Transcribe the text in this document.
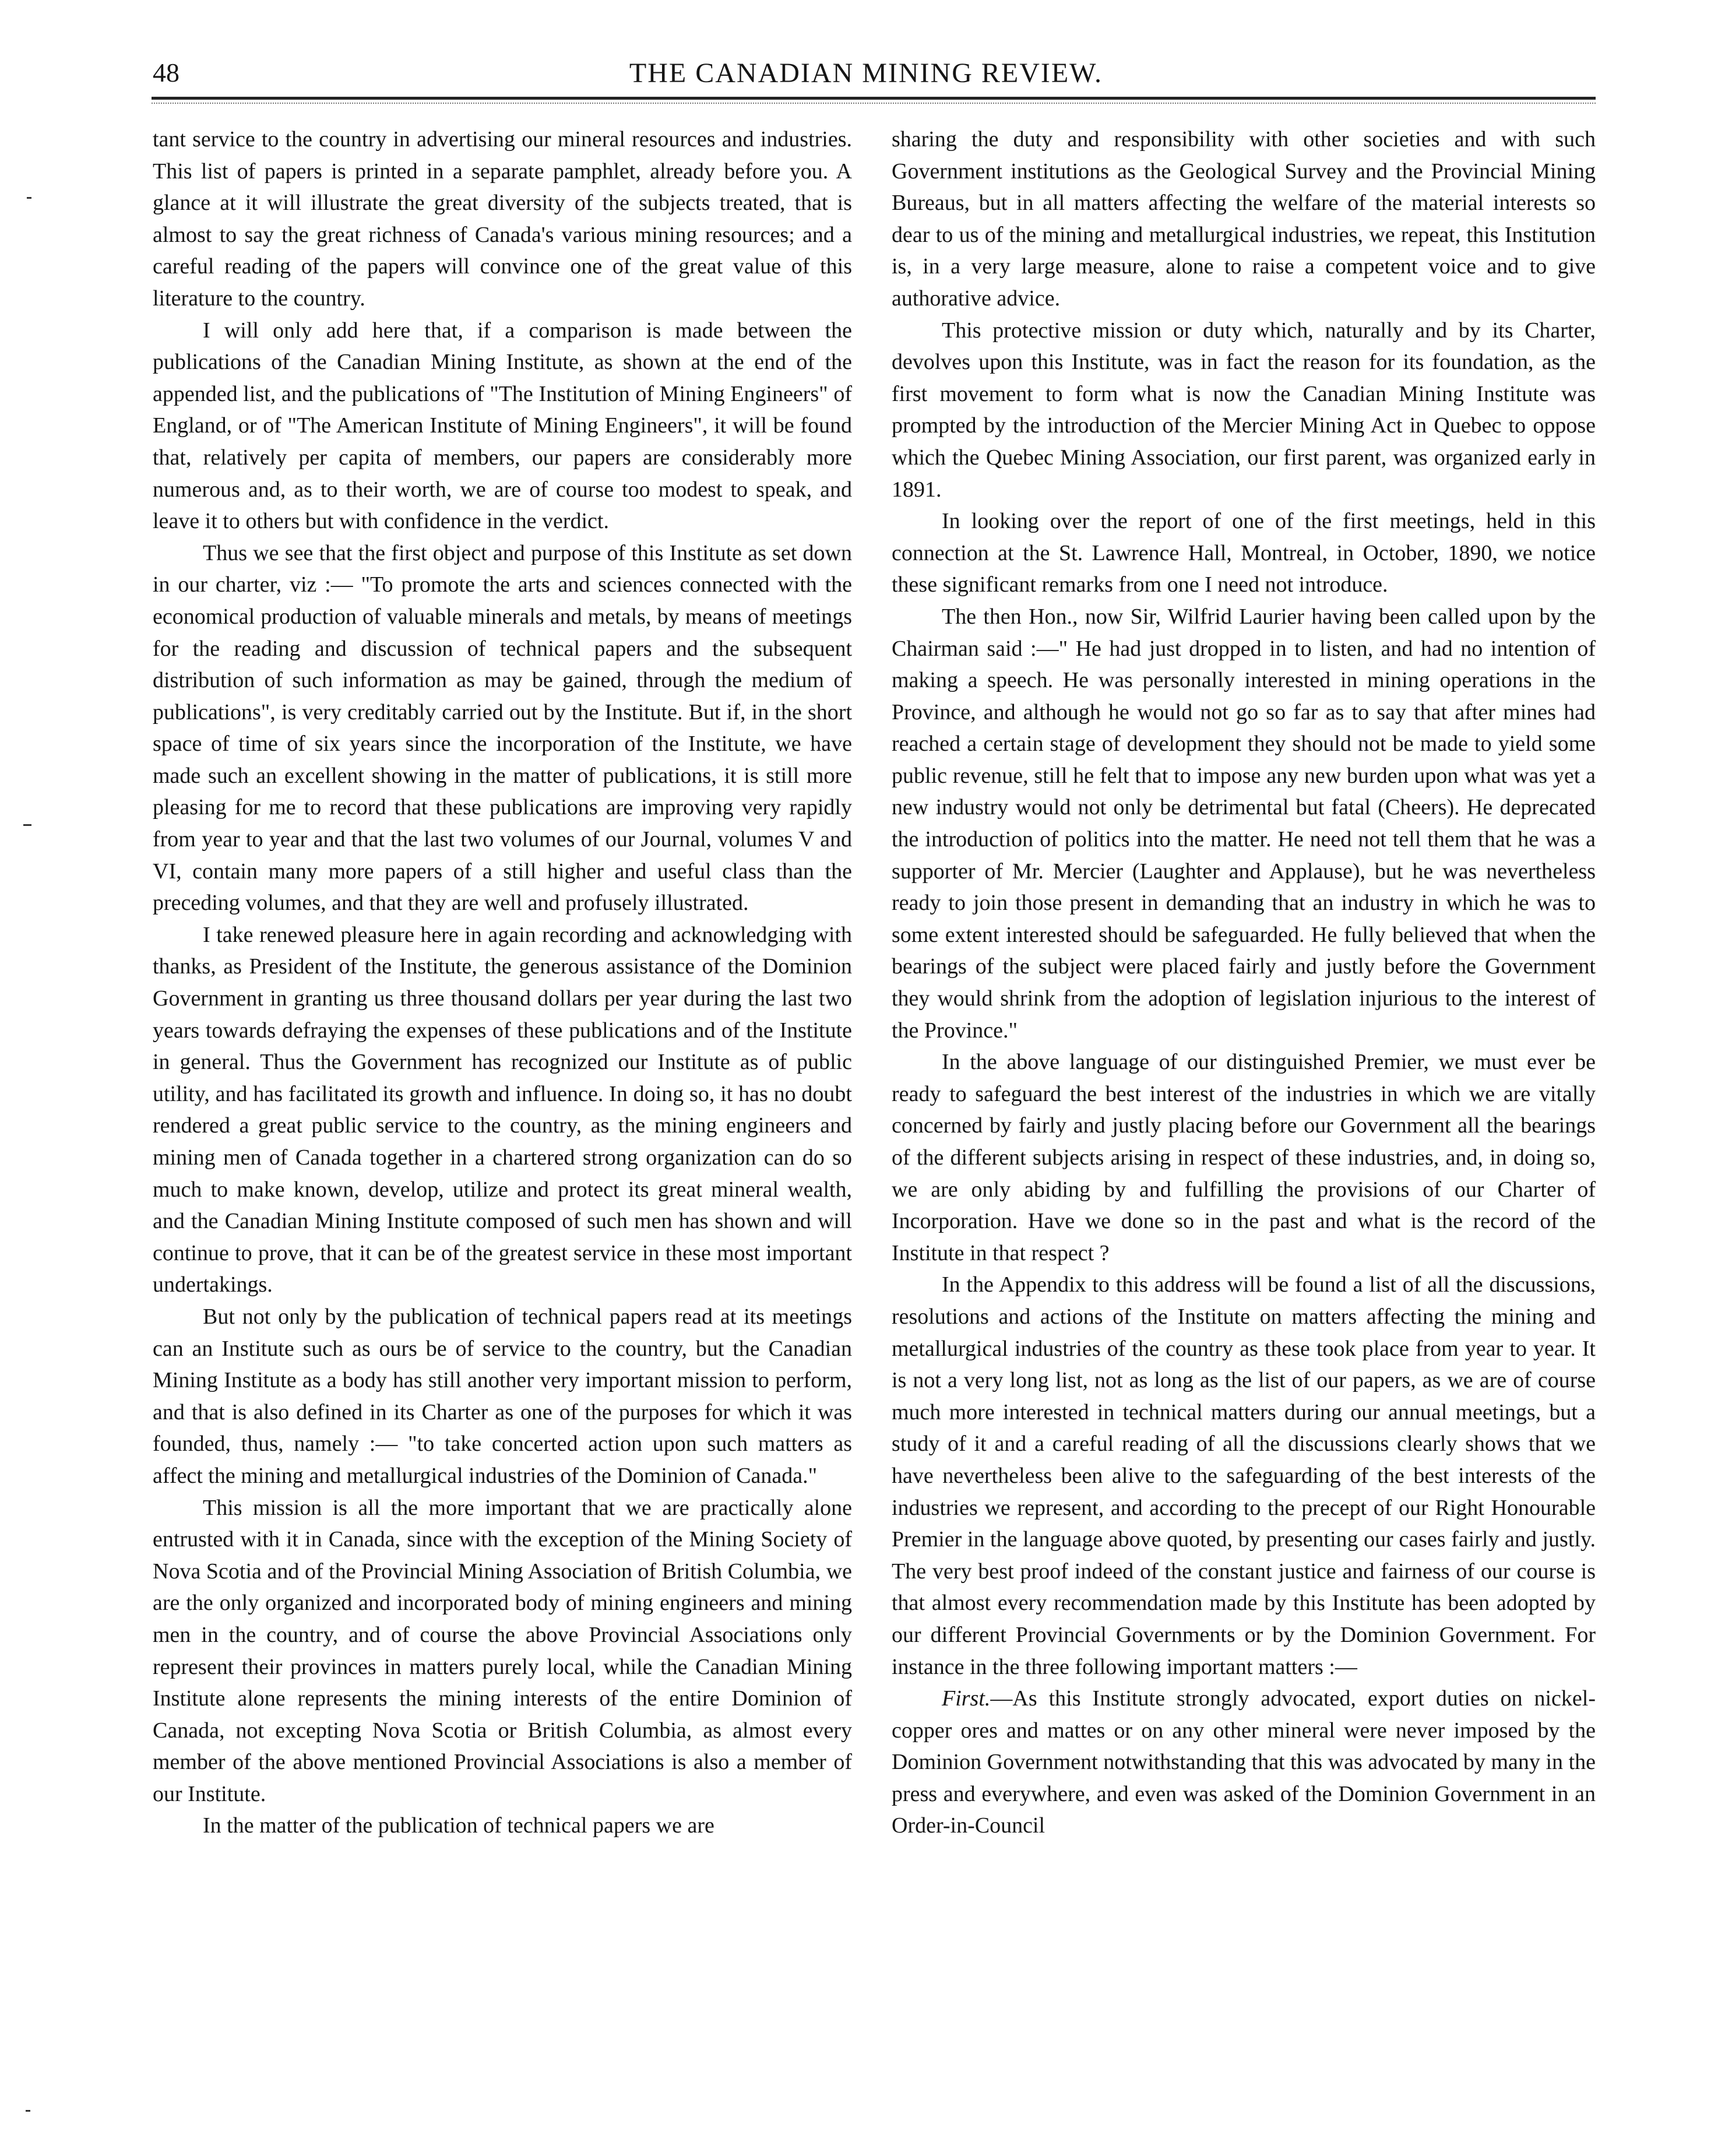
48	THE CANADIAN MINING REVIEW.

tant service to the country in advertising our mineral resources and industries. This list of papers is printed in a separate pamphlet, already before you. A glance at it will illustrate the great diversity of the subjects treated, that is almost to say the great richness of Canada's various mining resources; and a careful reading of the papers will convince one of the great value of this literature to the country.

I will only add here that, if a comparison is made between the publications of the Canadian Mining Institute, as shown at the end of the appended list, and the publications of "The Institution of Mining Engineers" of England, or of "The American Institute of Mining Engineers", it will be found that, relatively per capita of members, our papers are considerably more numerous and, as to their worth, we are of course too modest to speak, and leave it to others but with confidence in the verdict.

Thus we see that the first object and purpose of this Institute as set down in our charter, viz :— "To promote the arts and sciences connected with the economical production of valuable minerals and metals, by means of meetings for the reading and discussion of technical papers and the subsequent distribution of such information as may be gained, through the medium of publications", is very creditably carried out by the Institute. But if, in the short space of time of six years since the incorporation of the Institute, we have made such an excellent showing in the matter of publications, it is still more pleasing for me to record that these publications are improving very rapidly from year to year and that the last two volumes of our Journal, volumes V and VI, contain many more papers of a still higher and useful class than the preceding volumes, and that they are well and profusely illustrated.

I take renewed pleasure here in again recording and acknowledging with thanks, as President of the Institute, the generous assistance of the Dominion Government in granting us three thousand dollars per year during the last two years towards defraying the expenses of these publications and of the Institute in general. Thus the Government has recognized our Institute as of public utility, and has facilitated its growth and influence. In doing so, it has no doubt rendered a great public service to the country, as the mining engineers and mining men of Canada together in a chartered strong organization can do so much to make known, develop, utilize and protect its great mineral wealth, and the Canadian Mining Institute composed of such men has shown and will continue to prove, that it can be of the greatest service in these most important undertakings.

But not only by the publication of technical papers read at its meetings can an Institute such as ours be of service to the country, but the Canadian Mining Institute as a body has still another very important mission to perform, and that is also defined in its Charter as one of the purposes for which it was founded, thus, namely :— "to take concerted action upon such matters as affect the mining and metallurgical industries of the Dominion of Canada."

This mission is all the more important that we are practically alone entrusted with it in Canada, since with the exception of the Mining Society of Nova Scotia and of the Provincial Mining Association of British Columbia, we are the only organized and incorporated body of mining engineers and mining men in the country, and of course the above Provincial Associations only represent their provinces in matters purely local, while the Canadian Mining Institute alone represents the mining interests of the entire Dominion of Canada, not excepting Nova Scotia or British Columbia, as almost every member of the above mentioned Provincial Associations is also a member of our Institute.

In the matter of the publication of technical papers we are

sharing the duty and responsibility with other societies and with such Government institutions as the Geological Survey and the Provincial Mining Bureaus, but in all matters affecting the welfare of the material interests so dear to us of the mining and metallurgical industries, we repeat, this Institution is, in a very large measure, alone to raise a competent voice and to give authorative advice.

This protective mission or duty which, naturally and by its Charter, devolves upon this Institute, was in fact the reason for its foundation, as the first movement to form what is now the Canadian Mining Institute was prompted by the introduction of the Mercier Mining Act in Quebec to oppose which the Quebec Mining Association, our first parent, was organized early in 1891.

In looking over the report of one of the first meetings, held in this connection at the St. Lawrence Hall, Montreal, in October, 1890, we notice these significant remarks from one I need not introduce.

The then Hon., now Sir, Wilfrid Laurier having been called upon by the Chairman said :—" He had just dropped in to listen, and had no intention of making a speech. He was personally interested in mining operations in the Province, and although he would not go so far as to say that after mines had reached a certain stage of development they should not be made to yield some public revenue, still he felt that to impose any new burden upon what was yet a new industry would not only be detrimental but fatal (Cheers). He deprecated the introduction of politics into the matter. He need not tell them that he was a supporter of Mr. Mercier (Laughter and Applause), but he was nevertheless ready to join those present in demanding that an industry in which he was to some extent interested should be safeguarded. He fully believed that when the bearings of the subject were placed fairly and justly before the Government they would shrink from the adoption of legislation injurious to the interest of the Province."

In the above language of our distinguished Premier, we must ever be ready to safeguard the best interest of the industries in which we are vitally concerned by fairly and justly placing before our Government all the bearings of the different subjects arising in respect of these industries, and, in doing so, we are only abiding by and fulfilling the provisions of our Charter of Incorporation. Have we done so in the past and what is the record of the Institute in that respect ?

In the Appendix to this address will be found a list of all the discussions, resolutions and actions of the Institute on matters affecting the mining and metallurgical industries of the country as these took place from year to year. It is not a very long list, not as long as the list of our papers, as we are of course much more interested in technical matters during our annual meetings, but a study of it and a careful reading of all the discussions clearly shows that we have nevertheless been alive to the safeguarding of the best interests of the industries we represent, and according to the precept of our Right Honourable Premier in the language above quoted, by presenting our cases fairly and justly. The very best proof indeed of the constant justice and fairness of our course is that almost every recommendation made by this Institute has been adopted by our different Provincial Governments or by the Dominion Government. For instance in the three following important matters :—

First.—As this Institute strongly advocated, export duties on nickel-copper ores and mattes or on any other mineral were never imposed by the Dominion Government notwithstanding that this was advocated by many in the press and everywhere, and even was asked of the Dominion Government in an Order-in-Council
